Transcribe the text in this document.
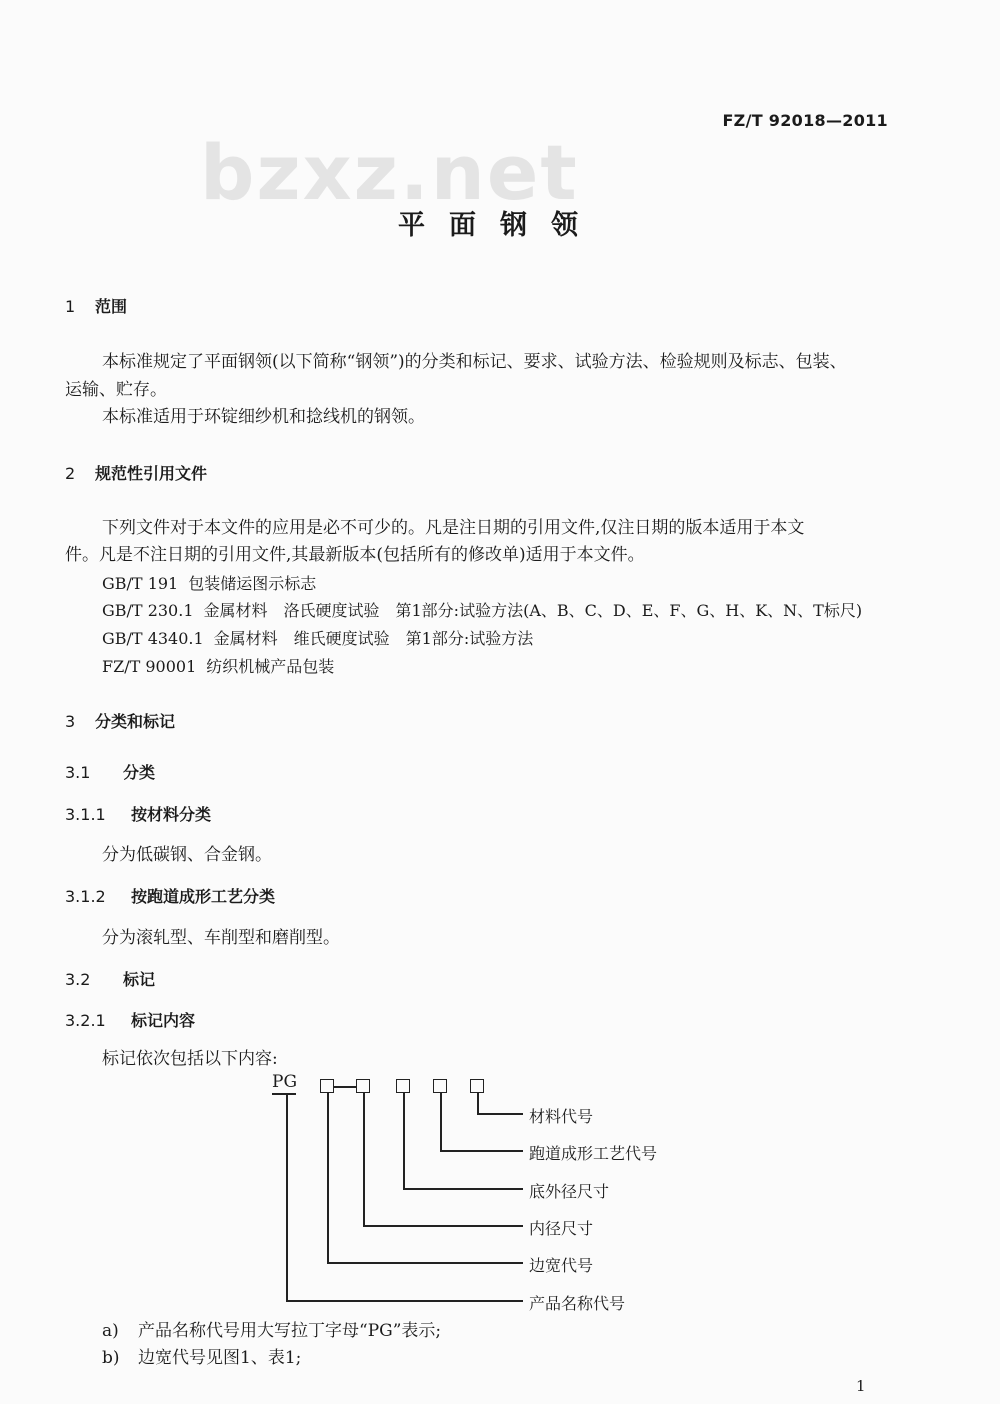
FZ/T 92018—2011
bzxz.net
平面钢领
1 范围
本标准规定了平面钢领(以下简称“钢领”)的分类和标记、要求、试验方法、检验规则及标志、包装、
运输、贮存。
本标准适用于环锭细纱机和捻线机的钢领。
2 规范性引用文件
下列文件对于本文件的应用是必不可少的。凡是注日期的引用文件,仅注日期的版本适用于本文
件。凡是不注日期的引用文件,其最新版本(包括所有的修改单)适用于本文件。
GB/T 191 包装储运图示标志
GB/T 230.1 金属材料　洛氏硬度试验　第1部分:试验方法(A、B、C、D、E、F、G、H、K、N、T标尺)
GB/T 4340.1 金属材料　维氏硬度试验　第1部分:试验方法
FZ/T 90001 纺织机械产品包装
3 分类和标记
3.1 分类
3.1.1 按材料分类
分为低碳钢、合金钢。
3.1.2 按跑道成形工艺分类
分为滚轧型、车削型和磨削型。
3.2 标记
3.2.1 标记内容
标记依次包括以下内容:
PG
材料代号
跑道成形工艺代号
底外径尺寸
内径尺寸
边宽代号
产品名称代号
a) 产品名称代号用大写拉丁字母“PG”表示;
b) 边宽代号见图1、表1;
1
